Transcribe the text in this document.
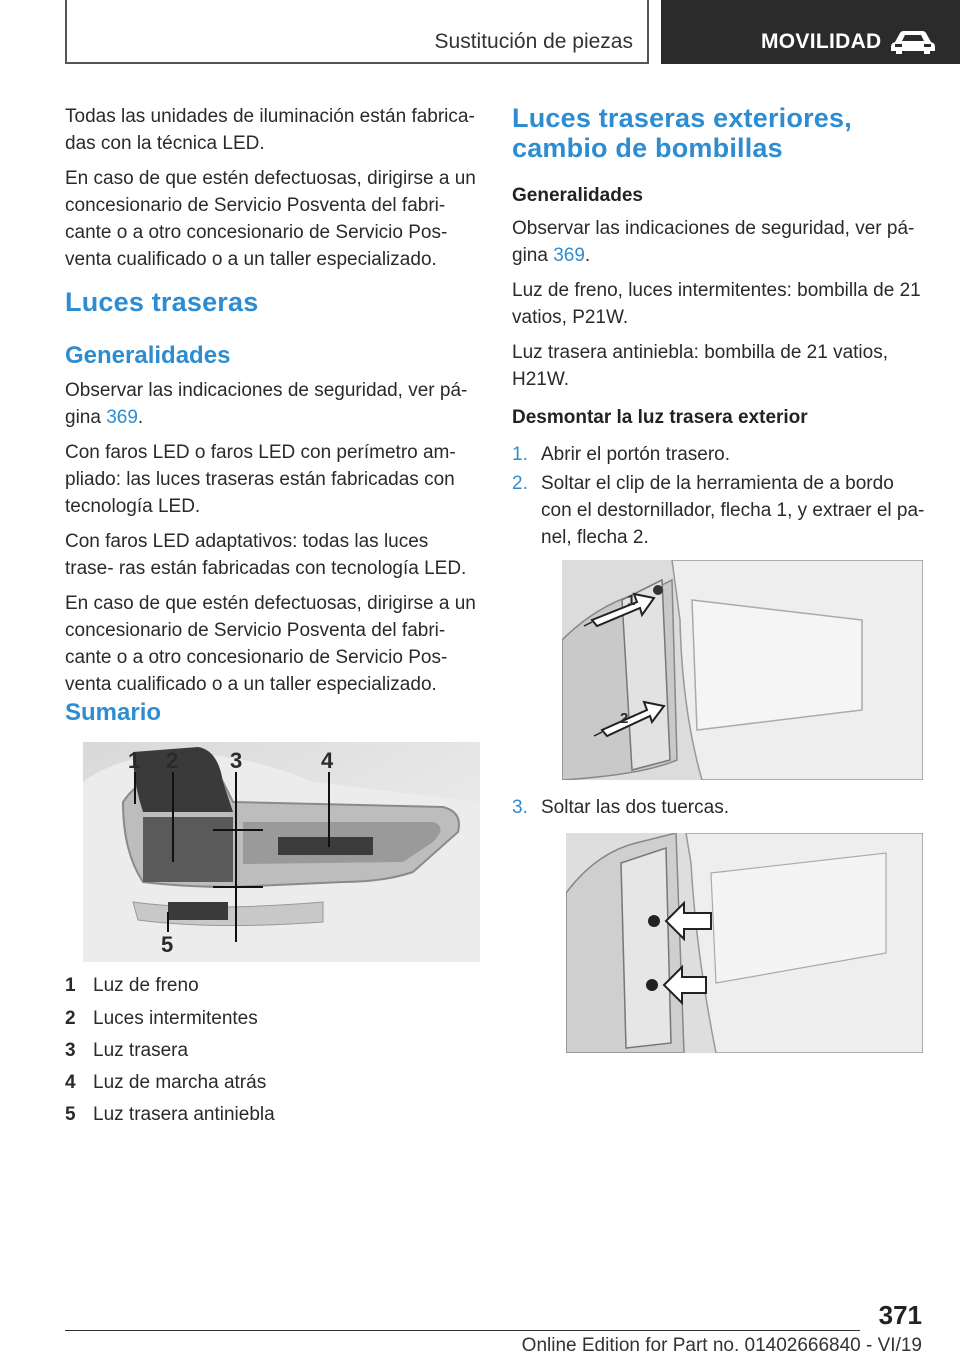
Sustitución de piezas	MOVILIDAD

Todas las unidades de iluminación están fabrica- das con la técnica LED.

En caso de que estén defectuosas, dirigirse a un concesionario de Servicio Posventa del fabri- cante o a otro concesionario de Servicio Pos- venta cualificado o a un taller especializado.

Luces traseras
Generalidades

Observar las indicaciones de seguridad, ver pá- gina 369.

Con faros LED o faros LED con perímetro am- pliado: las luces traseras están fabricadas con tecnología LED.

Con faros LED adaptativos: todas las luces trase- ras están fabricadas con tecnología LED.

En caso de que estén defectuosas, dirigirse a un concesionario de Servicio Posventa del fabri- cante o a otro concesionario de Servicio Pos- venta cualificado o a un taller especializado.

Sumario
1 2 3	4
5
1 Luz de freno
2 Luces intermitentes
3 Luz trasera
4 Luz de marcha atrás
5 Luz trasera antiniebla
Luces traseras exteriores, cambio de bombillas
Generalidades

Observar las indicaciones de seguridad, ver pá- gina 369.

Luz de freno, luces intermitentes: bombilla de 21 vatios, P21W.

Luz trasera antiniebla: bombilla de 21 vatios, H21W.

Desmontar la luz trasera exterior
1. Abrir el portón trasero.
2. Soltar el clip de la herramienta de a bordo con el destornillador, flecha 1, y extraer el pa- nel, flecha 2.
1
2
3. Soltar las dos tuercas.
371
Online Edition for Part no. 01402666840 - VI/19
